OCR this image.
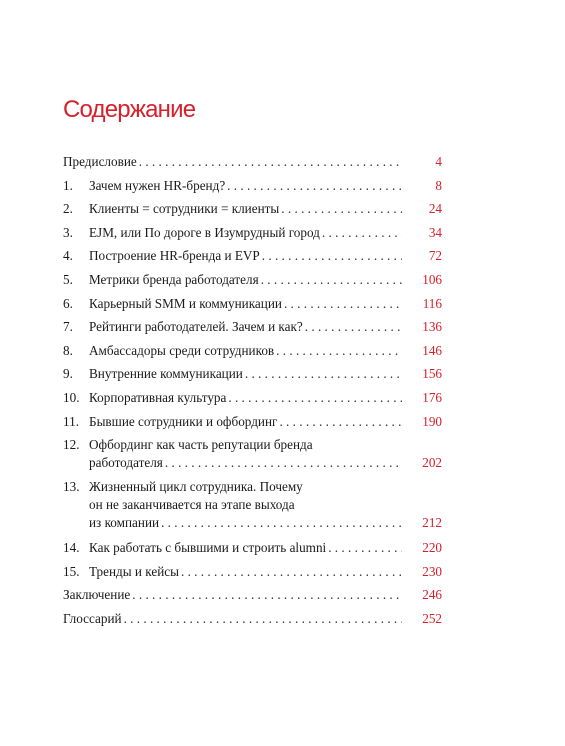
Содержание
Предисловие . . .	4
1.	Зачем нужен HR-бренд? . . .	8
2.	Клиенты = сотрудники = клиенты . . .	24
3.	EJM, или По дороге в Изумрудный город . . .	34
4.	Построение HR-бренда и EVP . . .	72
5.	Метрики бренда работодателя . . .	106
6.	Карьерный SMM и коммуникации . . .	116
7.	Рейтинги работодателей. Зачем и как? . . .	136
8.	Амбассадоры среди сотрудников . . .	146
9.	Внутренние коммуникации . . .	156
10. Корпоративная культура . . .	176
11. Бывшие сотрудники и офбординг . . .	190
12. Офбординг как часть репутации бренда
работодателя . . .	202
13. Жизненный цикл сотрудника. Почему
он не заканчивается на этапе выхода
из компании . . .	212
14. Как работать с бывшими и строить alumni . . .	220
15. Тренды и кейсы . . .	230
Заключение . . .	246
Глоссарий . . .	252
